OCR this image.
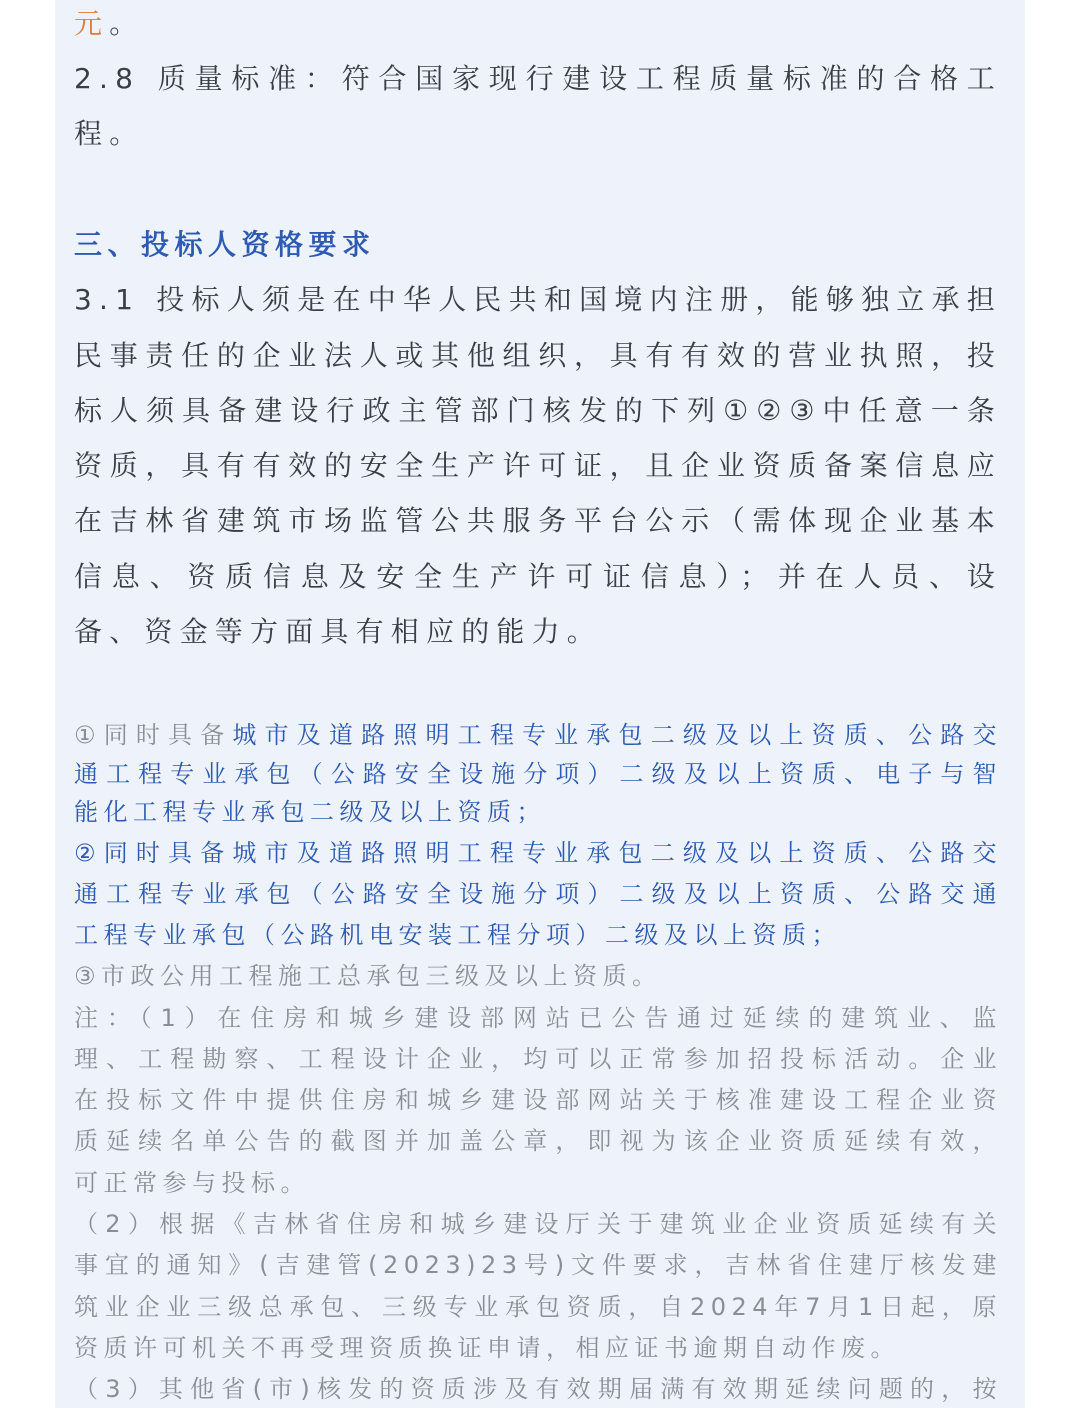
元。
2.8 质量标准：符合国家现行建设工程质量标准的合格工
程。
三、投标人资格要求
3.1 投标人须是在中华人民共和国境内注册，能够独立承担
民事责任的企业法人或其他组织，具有有效的营业执照，投
标人须具备建设行政主管部门核发的下列①②③中任意一条
资质，具有有效的安全生产许可证，且企业资质备案信息应
在吉林省建筑市场监管公共服务平台公示（需体现企业基本
信息、资质信息及安全生产许可证信息）；并在人员、设
备、资金等方面具有相应的能力。
①同时具备城市及道路照明工程专业承包二级及以上资质、公路交
通工程专业承包（公路安全设施分项）二级及以上资质、电子与智
能化工程专业承包二级及以上资质；
②同时具备城市及道路照明工程专业承包二级及以上资质、公路交
通工程专业承包（公路安全设施分项）二级及以上资质、公路交通
工程专业承包（公路机电安装工程分项）二级及以上资质；
③市政公用工程施工总承包三级及以上资质。
注：（1）在住房和城乡建设部网站已公告通过延续的建筑业、监
理、工程勘察、工程设计企业，均可以正常参加招投标活动。企业
在投标文件中提供住房和城乡建设部网站关于核准建设工程企业资
质延续名单公告的截图并加盖公章，即视为该企业资质延续有效，
可正常参与投标。
（2）根据《吉林省住房和城乡建设厅关于建筑业企业资质延续有关
事宜的通知》(吉建管(2023)23号)文件要求，吉林省住建厅核发建
筑业企业三级总承包、三级专业承包资质，自2024年7月1日起，原
资质许可机关不再受理资质换证申请，相应证书逾期自动作废。
（3）其他省(市)核发的资质涉及有效期届满有效期延续问题的，按
